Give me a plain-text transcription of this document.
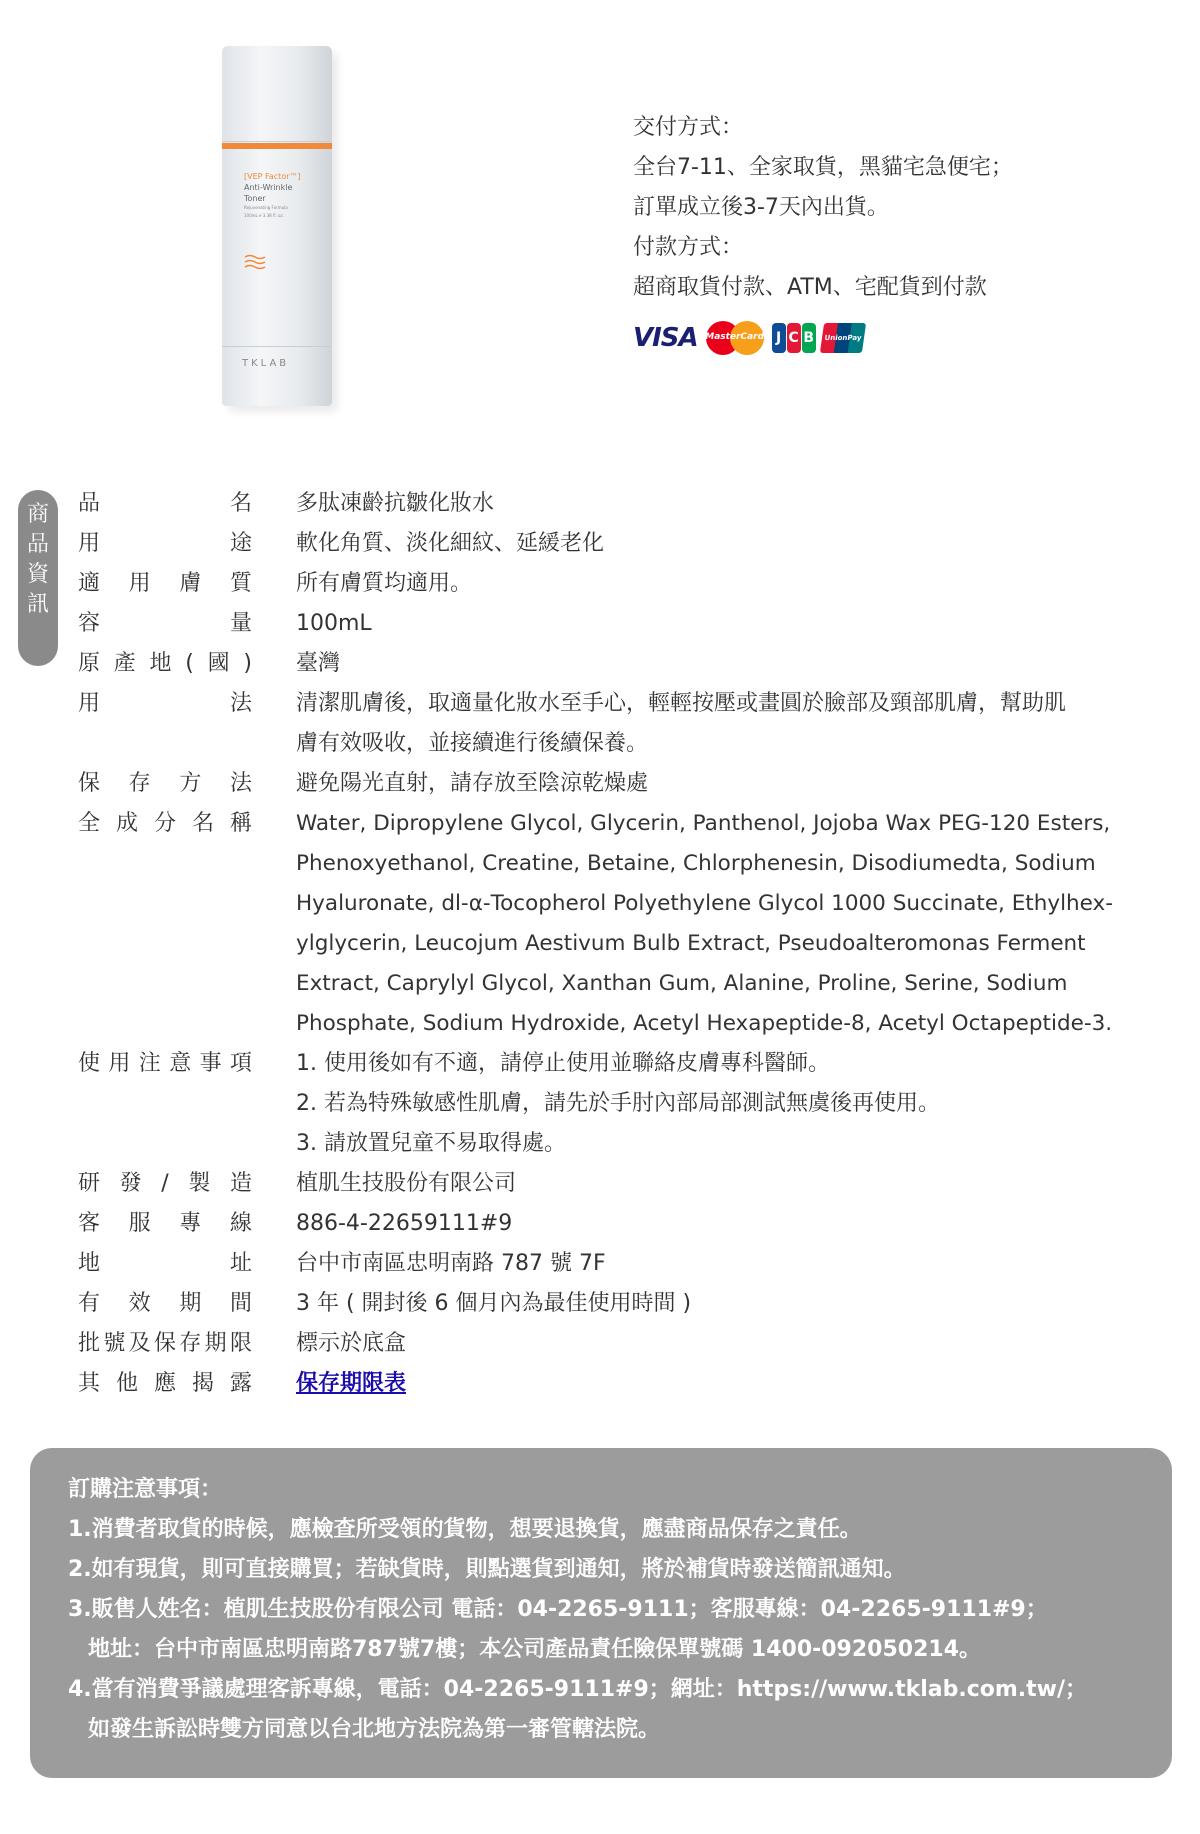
[VEP Factor™]
Anti-Wrinkle
Toner
Rejuvenating Formula
100mL e 3.38 fl. oz.
TKLAB
交付方式：
全台7-11、全家取貨，黑貓宅急便宅；
訂單成立後3-7天內出貨。
付款方式：
超商取貨付款、ATM、宅配貨到付款
VISA MasterCard J C B	UnionPay 銀聯
商
品
資
訊
品名 多肽凍齡抗皺化妝水
用途 軟化角質、淡化細紋、延緩老化
適用膚質 所有膚質均適用。
容量 100mL
原產地(國) 臺灣
用法 清潔肌膚後，取適量化妝水至手心，輕輕按壓或畫圓於臉部及頸部肌膚，幫助肌
膚有效吸收，並接續進行後續保養。
保存方法 避免陽光直射，請存放至陰涼乾燥處
全成分名稱 Water, Dipropylene Glycol, Glycerin, Panthenol, Jojoba Wax PEG-120 Esters,
Phenoxyethanol, Creatine, Betaine, Chlorphenesin, Disodiumedta, Sodium
Hyaluronate, dl-α-Tocopherol Polyethylene Glycol 1000 Succinate, Ethylhex-
ylglycerin, Leucojum Aestivum Bulb Extract, Pseudoalteromonas Ferment
Extract, Caprylyl Glycol, Xanthan Gum, Alanine, Proline, Serine, Sodium
Phosphate, Sodium Hydroxide, Acetyl Hexapeptide-8, Acetyl Octapeptide-3.
使用注意事項 1. 使用後如有不適，請停止使用並聯絡皮膚專科醫師。
2. 若為特殊敏感性肌膚，請先於手肘內部局部測試無虞後再使用。
3. 請放置兒童不易取得處。
研發/製造 植肌生技股份有限公司
客服專線 886-4-22659111#9
地址 台中市南區忠明南路 787 號 7F
有效期間 3 年 ( 開封後 6 個月內為最佳使用時間 )
批號及保存期限 標示於底盒
其他應揭露 保存期限表
訂購注意事項：
1.消費者取貨的時候，應檢查所受領的貨物，想要退換貨，應盡商品保存之責任。
2.如有現貨，則可直接購買；若缺貨時，則點選貨到通知，將於補貨時發送簡訊通知。
3.販售人姓名：植肌生技股份有限公司 電話：04-2265-9111；客服專線：04-2265-9111#9；
地址：台中市南區忠明南路787號7樓；本公司產品責任險保單號碼 1400-092050214。
4.當有消費爭議處理客訴專線，電話：04-2265-9111#9；網址：https://www.tklab.com.tw/；
如發生訴訟時雙方同意以台北地方法院為第一審管轄法院。
